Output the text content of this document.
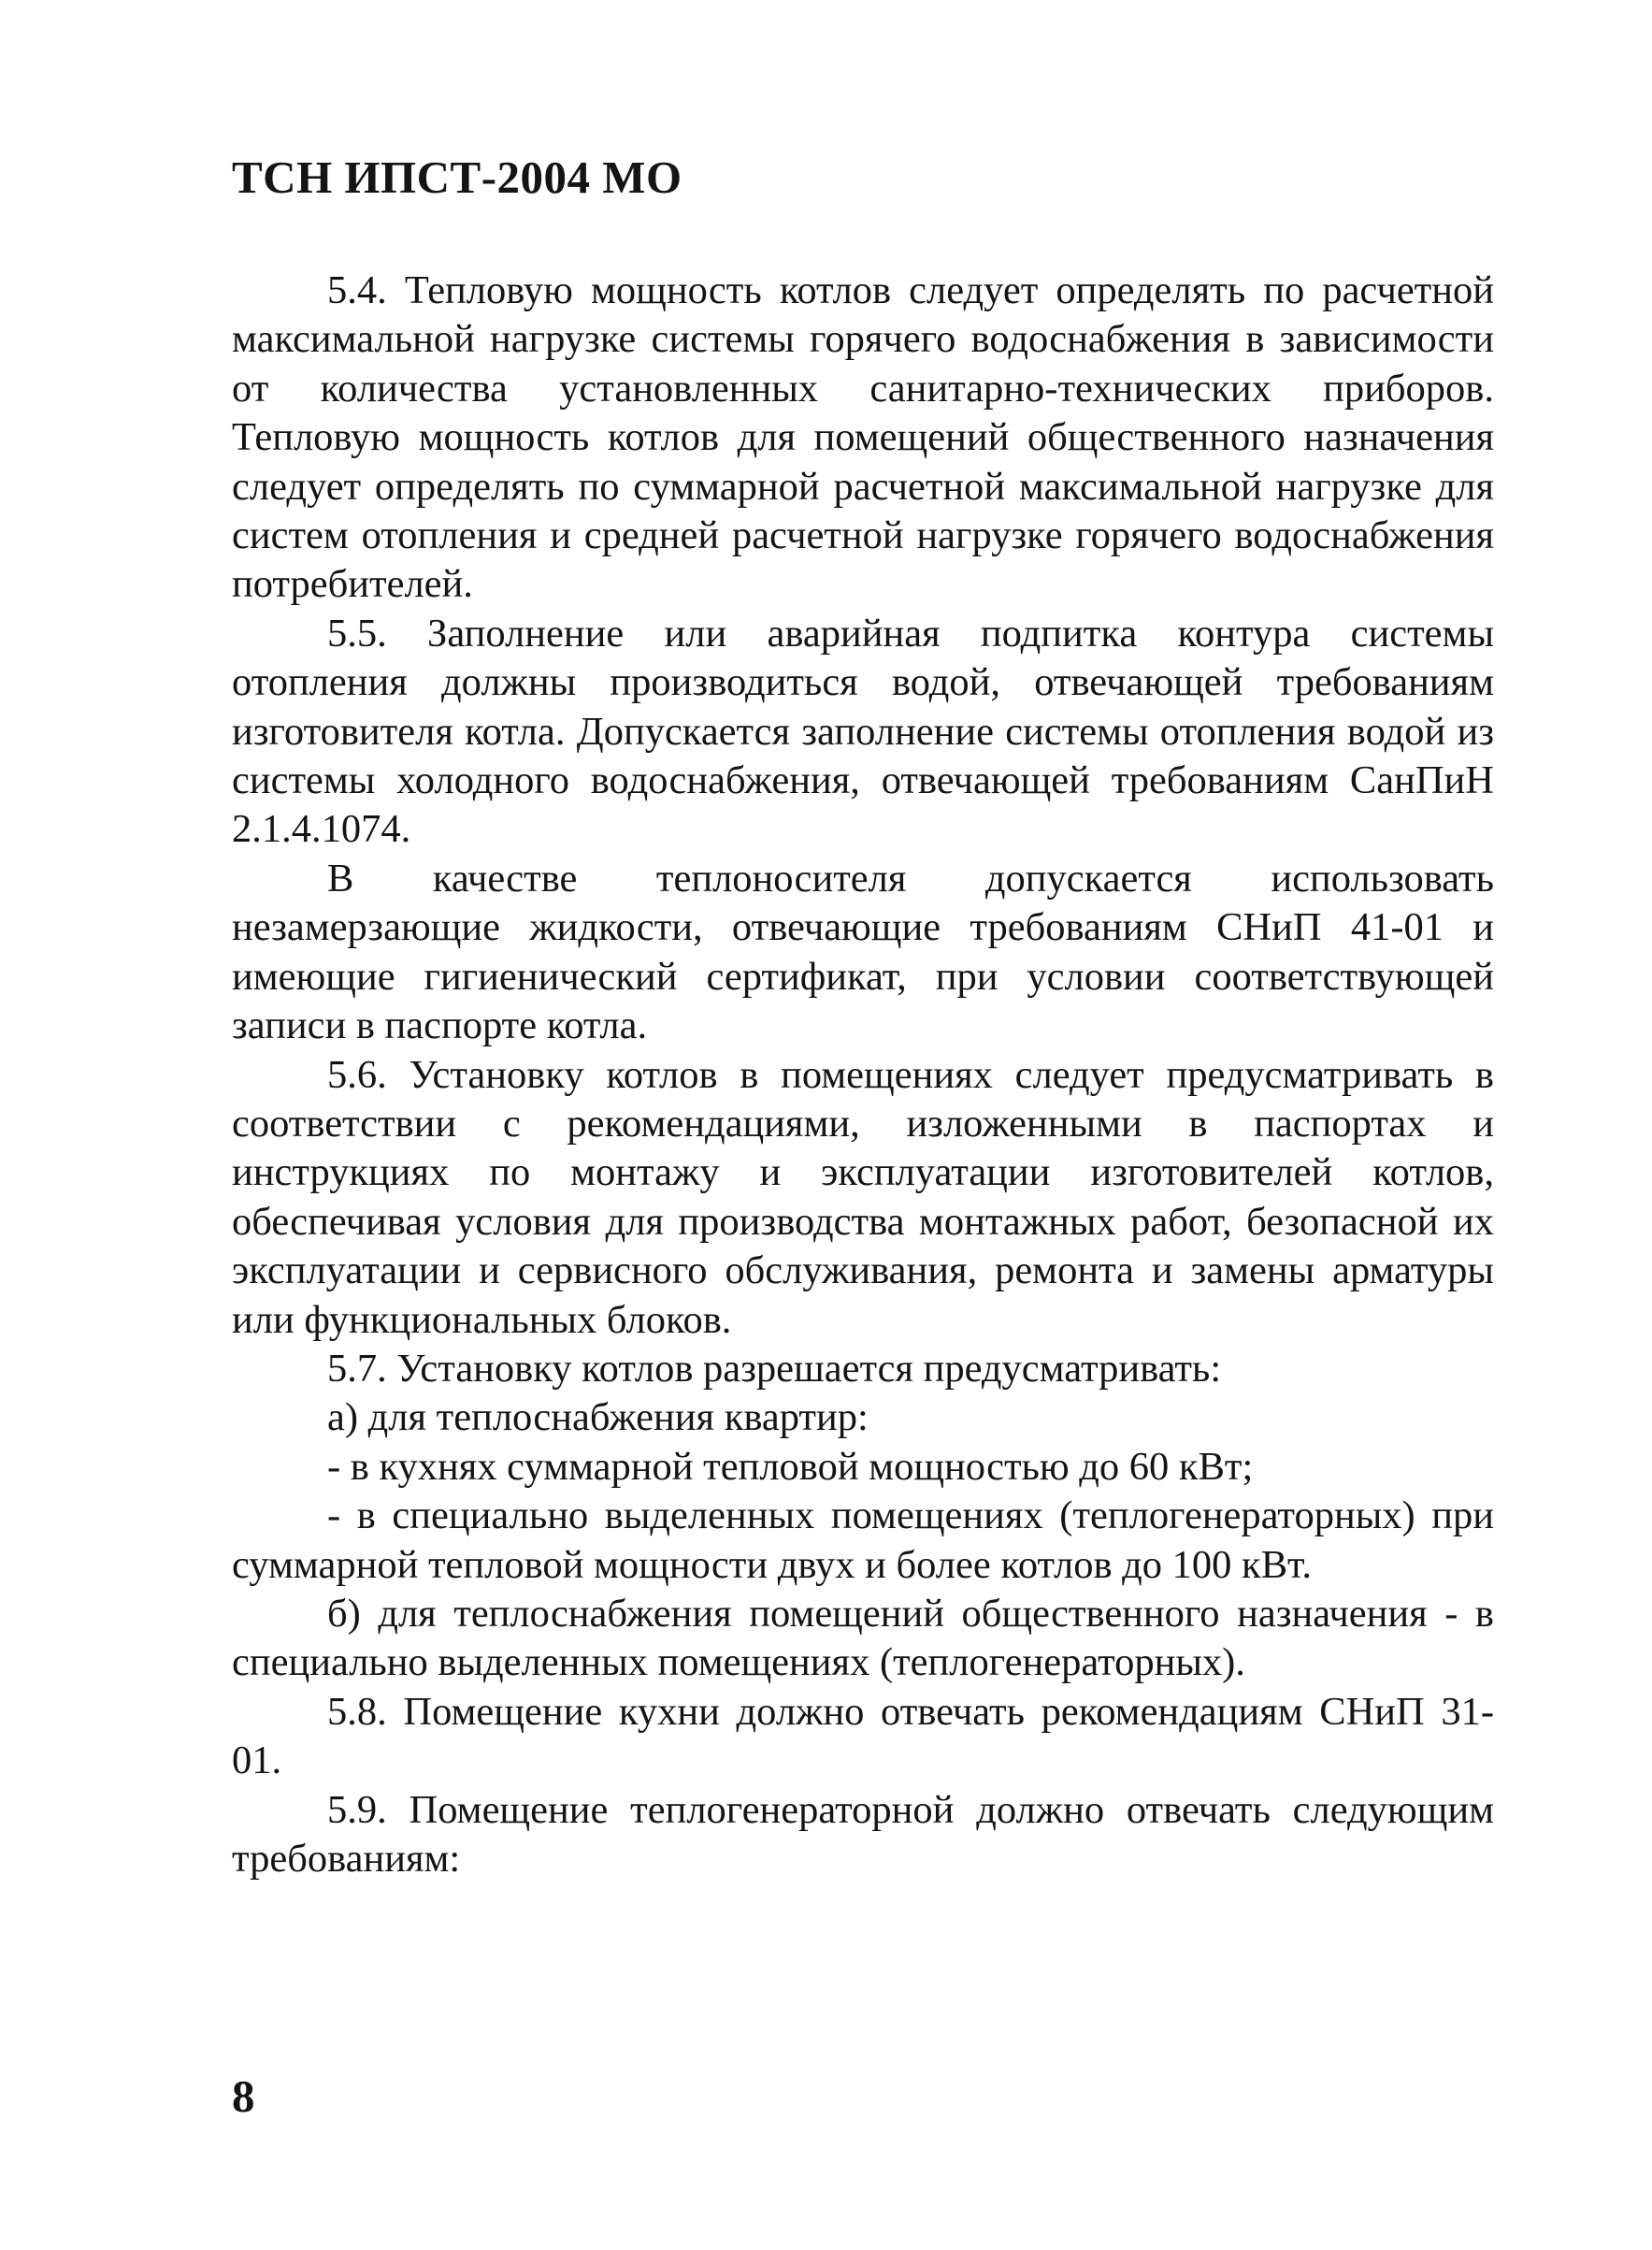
ТСН ИПСТ-2004 МО

5.4. Тепловую мощность котлов следует определять по расчетной максимальной нагрузке системы горячего водоснабжения в зависимости от количества установленных санитарно-технических приборов. Тепловую мощность котлов для помещений общественного назначения следует определять по суммарной расчетной максимальной нагрузке для систем отопления и средней расчетной нагрузке горячего водоснабжения потребителей.

5.5. Заполнение или аварийная подпитка контура системы отопления должны производиться водой, отвечающей требованиям изготовителя котла. Допускается заполнение системы отопления водой из системы холодного водоснабжения, отвечающей требованиям СанПиН 2.1.4.1074.

В качестве теплоносителя допускается использовать незамерзающие жидкости, отвечающие требованиям СНиП 41-01 и имеющие гигиенический сертификат, при условии соответствующей записи в паспорте котла.

5.6. Установку котлов в помещениях следует предусматривать в соответствии с рекомендациями, изложенными в паспортах и инструкциях по монтажу и эксплуатации изготовителей котлов, обеспечивая условия для производства монтажных работ, безопасной их эксплуатации и сервисного обслуживания, ремонта и замены арматуры или функциональных блоков.

5.7. Установку котлов разрешается предусматривать:

а) для теплоснабжения квартир:

- в кухнях суммарной тепловой мощностью до 60 кВт;

- в специально выделенных помещениях (теплогенераторных) при суммарной тепловой мощности двух и более котлов до 100 кВт.

б) для теплоснабжения помещений общественного назначения - в специально выделенных помещениях (теплогенераторных).

5.8. Помещение кухни должно отвечать рекомендациям СНиП 31-01.

5.9. Помещение теплогенераторной должно отвечать следующим требованиям:

8
